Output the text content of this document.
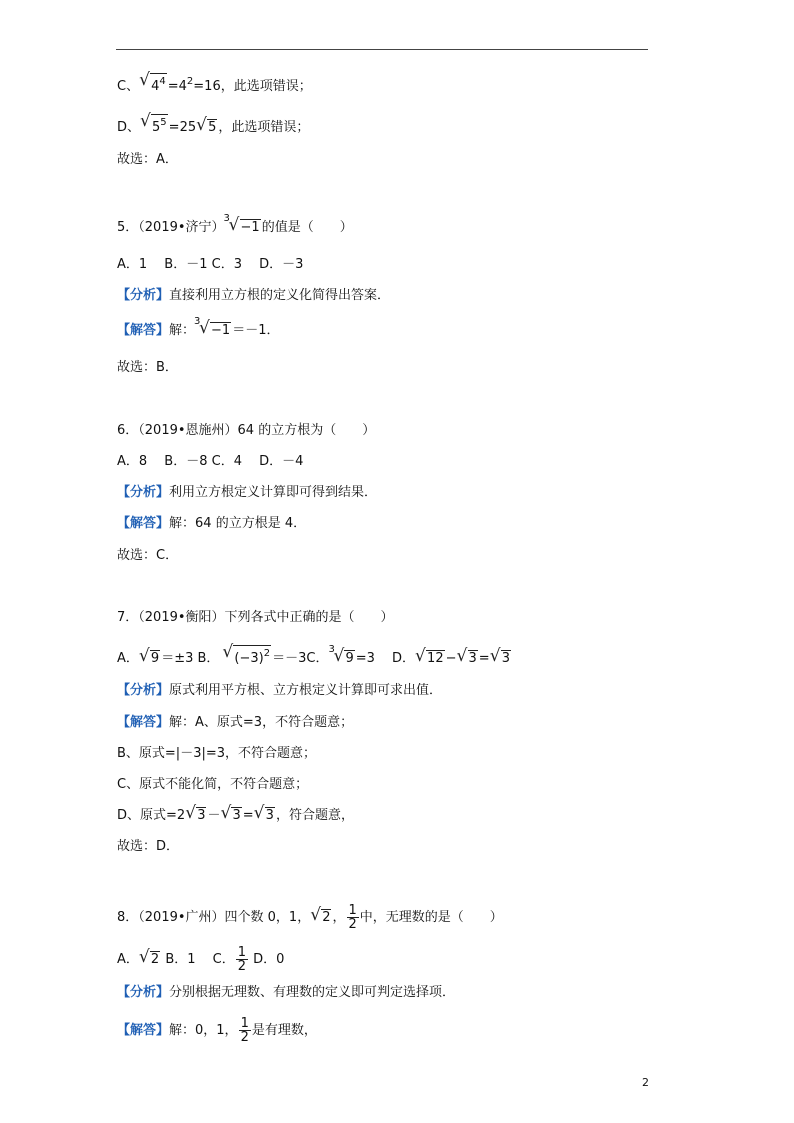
C、 √ $4^4 =4^2=16$，此选项错误；
D、 √ $5^5 =25$ √ 5 ，此选项错误；
故选：A．
5．（2019•济宁）
3
√ −1 的值是（　　）
A．1　 B．－1 C．3　 D．－3
【分析】直接利用立方根的定义化简得出答案．
【解答】解：
3
√ −1 ＝－1．
故选：B．
6．（2019•恩施州）64 的立方根为（　　）
A．8　 B．－8 C．4　 D．－4
【分析】利用立方根定义计算即可得到结果．
【解答】解：64 的立方根是 4．
故选：C．
7．（2019•衡阳）下列各式中正确的是（　　）
A． √ 9 ＝±3 B． √ $(-3)^2 =-3C$．
3
√ 9 =3　 D． √ 12 − √ 3 = √ 3
【分析】原式利用平方根、立方根定义计算即可求出值．
【解答】解：A、原式=3，不符合题意；
B、原式=|－3|=3，不符合题意；
C、原式不能化简，不符合题意；
D、原式=2 √ 3 － √ 3 = √ 3 ，符合题意，
故选：D．
8．（2019•广州）四个数 0，1， √ 2 ， $\frac{1}{2}$ 中，无理数的是（　　）
A． √ 2 B．1　 C． $\frac{1}{2}$ D．0
【分析】分别根据无理数、有理数的定义即可判定选择项．
【解答】解：0，1， $\frac{1}{2}$ 是有理数，
2
